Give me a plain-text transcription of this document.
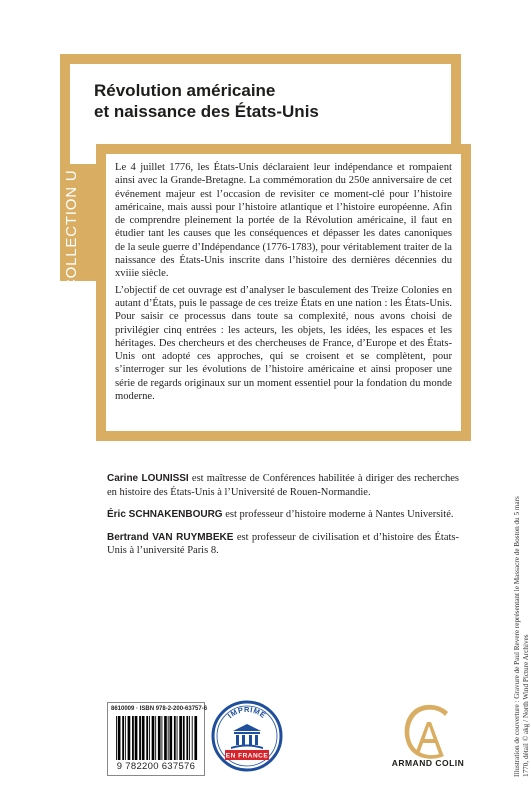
Révolution américaine
et naissance des États-Unis
COLLECTION U

Le 4 juillet 1776, les États-Unis déclaraient leur indépendance et rompaient ainsi avec la Grande-Bretagne. La commémoration du 250e anniversaire de cet événement majeur est l’occasion de revisiter ce moment-clé pour l’histoire américaine, mais aussi pour l’histoire atlantique et l’histoire européenne. Afin de comprendre pleinement la portée de la Révolution américaine, il faut en étudier tant les causes que les conséquences et dépasser les dates canoniques de la seule guerre d’Indépendance (1776-1783), pour véritablement traiter de la naissance des États-Unis inscrite dans l’histoire des dernières décennies du xviiie siècle.

L’objectif de cet ouvrage est d’analyser le basculement des Treize Colonies en autant d’États, puis le passage de ces treize États en une nation : les États-Unis. Pour saisir ce processus dans toute sa complexité, nous avons choisi de privilégier cinq entrées : les acteurs, les objets, les idées, les espaces et les héritages. Des chercheurs et des chercheuses de France, d’Europe et des États-Unis ont adopté ces approches, qui se croisent et se complètent, pour s’interroger sur les évolutions de l’histoire américaine et ainsi proposer une série de regards originaux sur un moment essentiel pour la fondation du monde moderne.

Carine LOUNISSI est maîtresse de Conférences habilitée à diriger des recherches en histoire des États-Unis à l’Université de Rouen-Normandie.

Éric SCHNAKENBOURG est professeur d’histoire moderne à Nantes Université.

Bertrand VAN RUYMBEKE est professeur de civilisation et d’histoire des États-Unis à l’université Paris 8.	Illustration de couverture : Gravure de Paul Revere représentant le Massacre de Boston du 5 mars 1770, détail © akg / North Wind Picture Archives
8610009 · ISBN 978-2-200-63757-6
9 782200 637576
IMPRIMÉ
EN FRANCE
ARMAND COLIN
